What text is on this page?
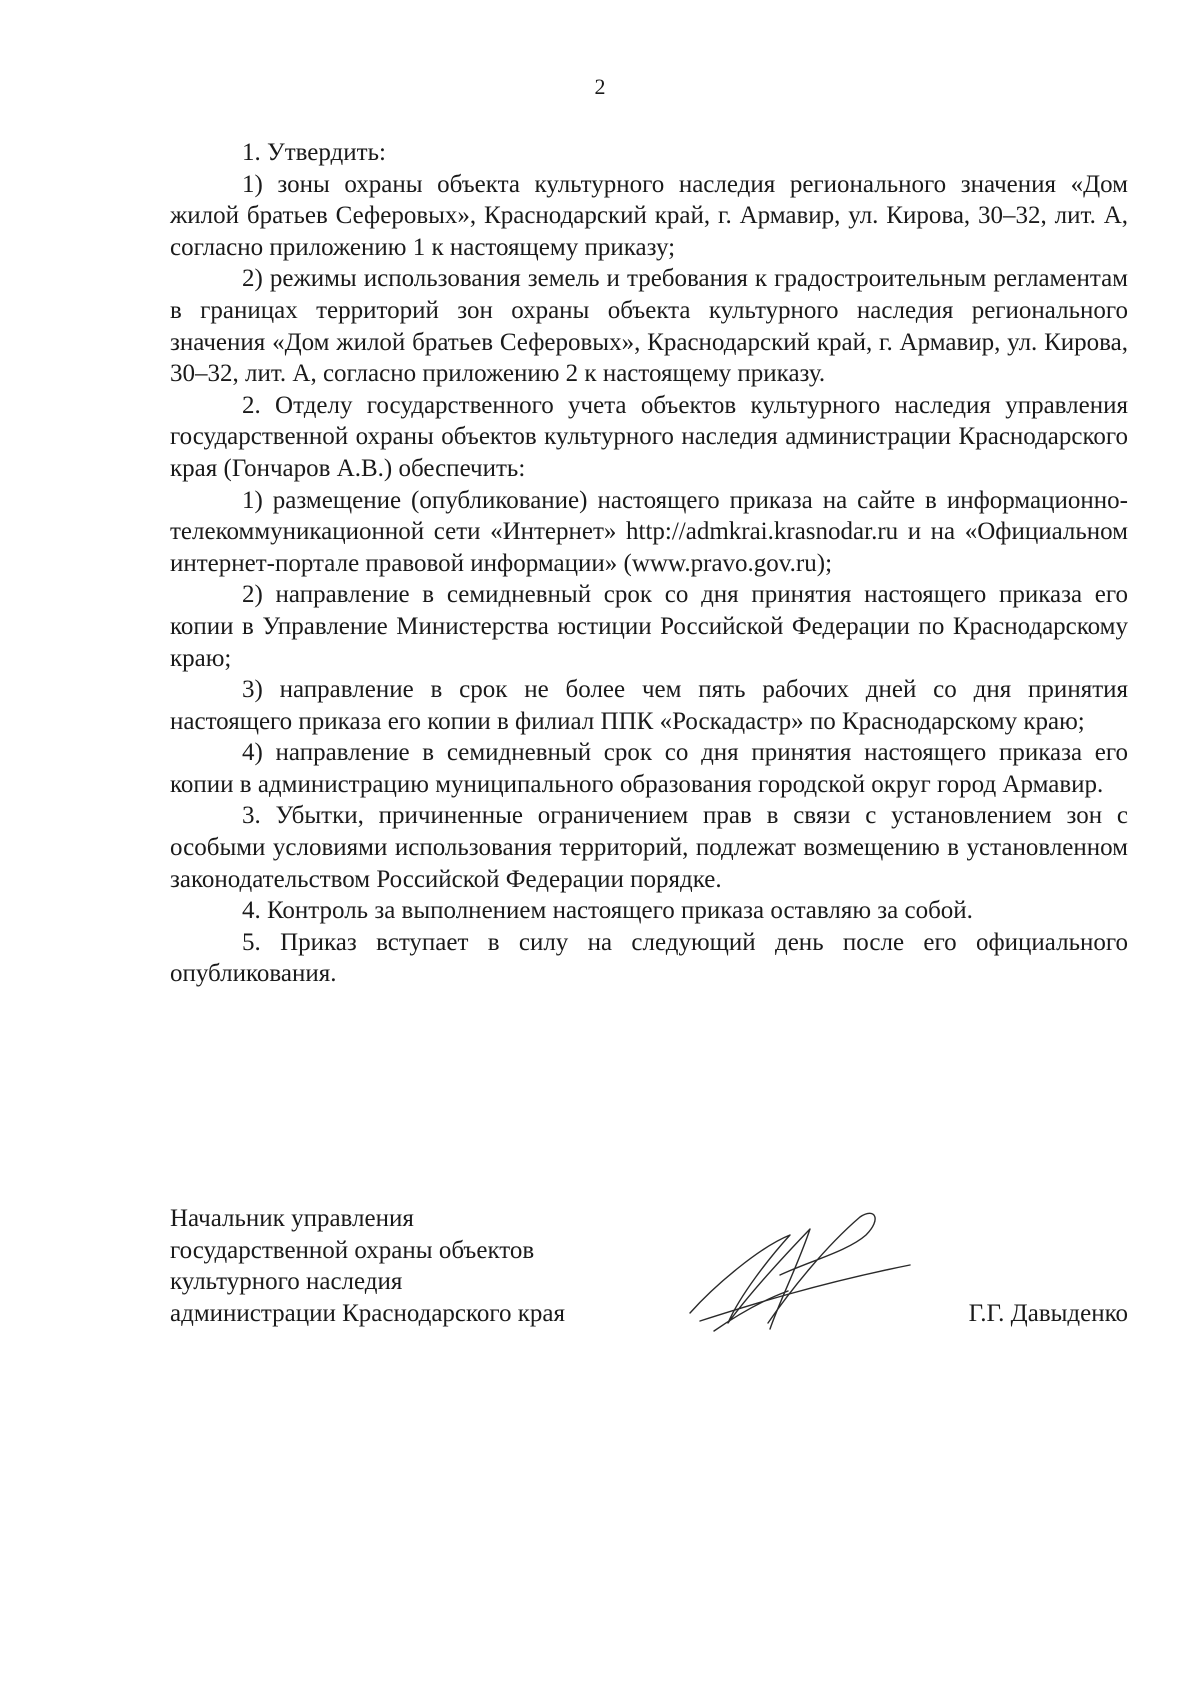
2

1. Утвердить:

1) зоны охраны объекта культурного наследия регионального значения «Дом жилой братьев Сеферовых», Краснодарский край, г. Армавир, ул. Кирова, 30–32, лит. А, согласно приложению 1 к настоящему приказу;

2) режимы использования земель и требования к градостроительным регламентам в границах территорий зон охраны объекта культурного наследия регионального значения «Дом жилой братьев Сеферовых», Краснодарский край, г. Армавир, ул. Кирова, 30–32, лит. А, согласно приложению 2 к настоящему приказу.

2. Отделу государственного учета объектов культурного наследия управления государственной охраны объектов культурного наследия администрации Краснодарского края (Гончаров А.В.) обеспечить:

1) размещение (опубликование) настоящего приказа на сайте в информационно-телекоммуникационной сети «Интернет» http://admkrai.krasnodar.ru и на «Официальном интернет-портале правовой информации» (www.pravo.gov.ru);

2) направление в семидневный срок со дня принятия настоящего приказа его копии в Управление Министерства юстиции Российской Федерации по Краснодарскому краю;

3) направление в срок не более чем пять рабочих дней со дня принятия настоящего приказа его копии в филиал ППК «Роскадастр» по Краснодарскому краю;

4) направление в семидневный срок со дня принятия настоящего приказа его копии в администрацию муниципального образования городской округ город Армавир.

3. Убытки, причиненные ограничением прав в связи с установлением зон с особыми условиями использования территорий, подлежат возмещению в установленном законодательством Российской Федерации порядке.

4. Контроль за выполнением настоящего приказа оставляю за собой.

5. Приказ вступает в силу на следующий день после его официального опубликования.

Начальник управления
государственной охраны объектов
культурного наследия
администрации Краснодарского края	Г.Г. Давыденко
